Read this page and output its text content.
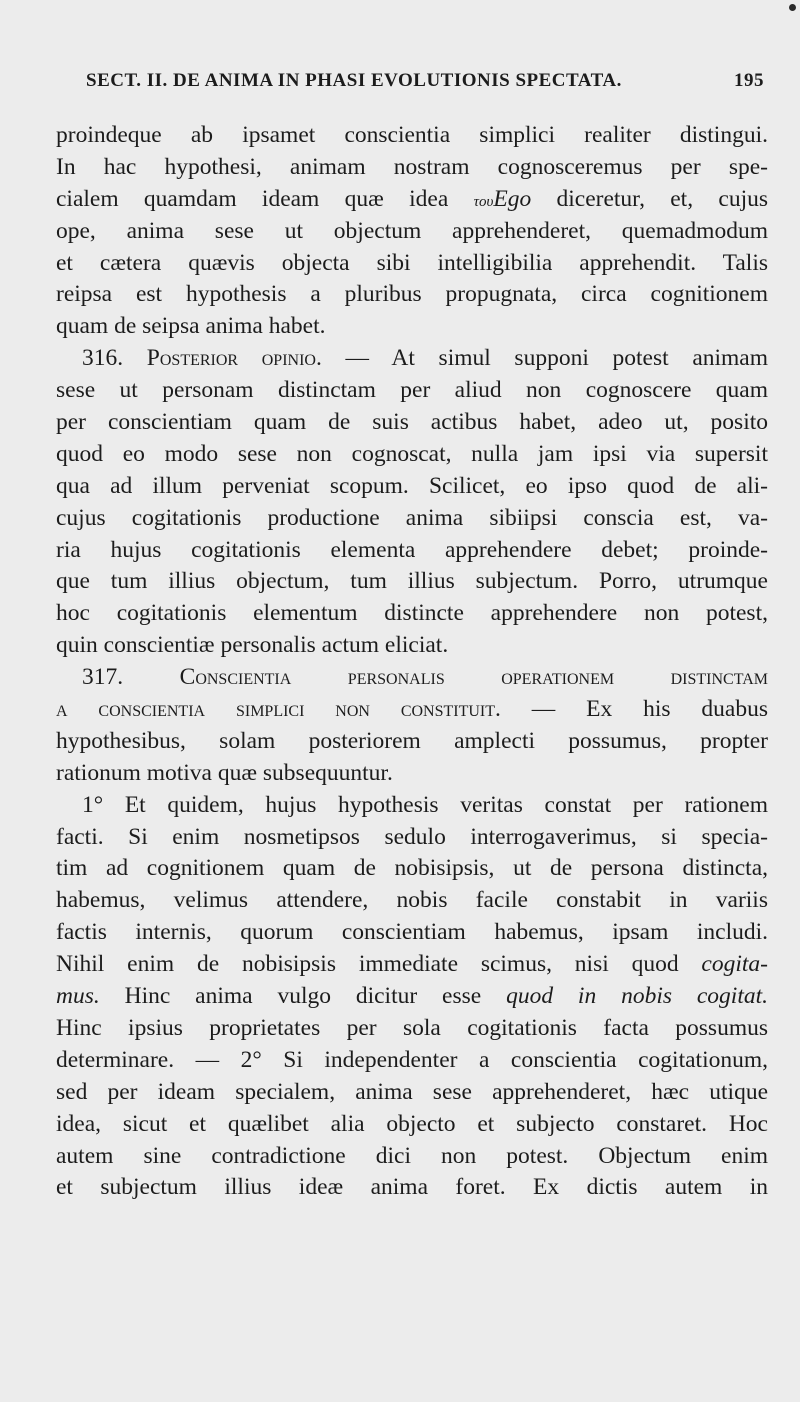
SECT. II. DE ANIMA IN PHASI EVOLUTIONIS SPECTATA.	195
proindeque ab ipsamet conscientia simplici realiter distingui.
In hac hypothesi, animam nostram cognosceremus per spe-
cialem quamdam ideam quæ idea τουEgo diceretur, et, cujus
ope, anima sese ut objectum apprehenderet, quemadmodum
et cætera quævis objecta sibi intelligibilia apprehendit. Talis
reipsa est hypothesis a pluribus propugnata, circa cognitionem
quam de seipsa anima habet.
316. Posterior opinio. — At simul supponi potest animam
sese ut personam distinctam per aliud non cognoscere quam
per conscientiam quam de suis actibus habet, adeo ut, posito
quod eo modo sese non cognoscat, nulla jam ipsi via supersit
qua ad illum perveniat scopum. Scilicet, eo ipso quod de ali-
cujus cogitationis productione anima sibiipsi conscia est, va-
ria hujus cogitationis elementa apprehendere debet; proinde-
que tum illius objectum, tum illius subjectum. Porro, utrumque
hoc cogitationis elementum distincte apprehendere non potest,
quin conscientiæ personalis actum eliciat.
317. Conscientia personalis operationem distinctam
a conscientia simplici non constituit. — Ex his duabus
hypothesibus, solam posteriorem amplecti possumus, propter
rationum motiva quæ subsequuntur.
1° Et quidem, hujus hypothesis veritas constat per rationem
facti. Si enim nosmetipsos sedulo interrogaverimus, si specia-
tim ad cognitionem quam de nobisipsis, ut de persona distincta,
habemus, velimus attendere, nobis facile constabit in variis
factis internis, quorum conscientiam habemus, ipsam includi.
Nihil enim de nobisipsis immediate scimus, nisi quod cogita-
mus. Hinc anima vulgo dicitur esse quod in nobis cogitat.
Hinc ipsius proprietates per sola cogitationis facta possumus
determinare. — 2° Si independenter a conscientia cogitationum,
sed per ideam specialem, anima sese apprehenderet, hæc utique
idea, sicut et quælibet alia objecto et subjecto constaret. Hoc
autem sine contradictione dici non potest. Objectum enim
et subjectum illius ideæ anima foret. Ex dictis autem in
